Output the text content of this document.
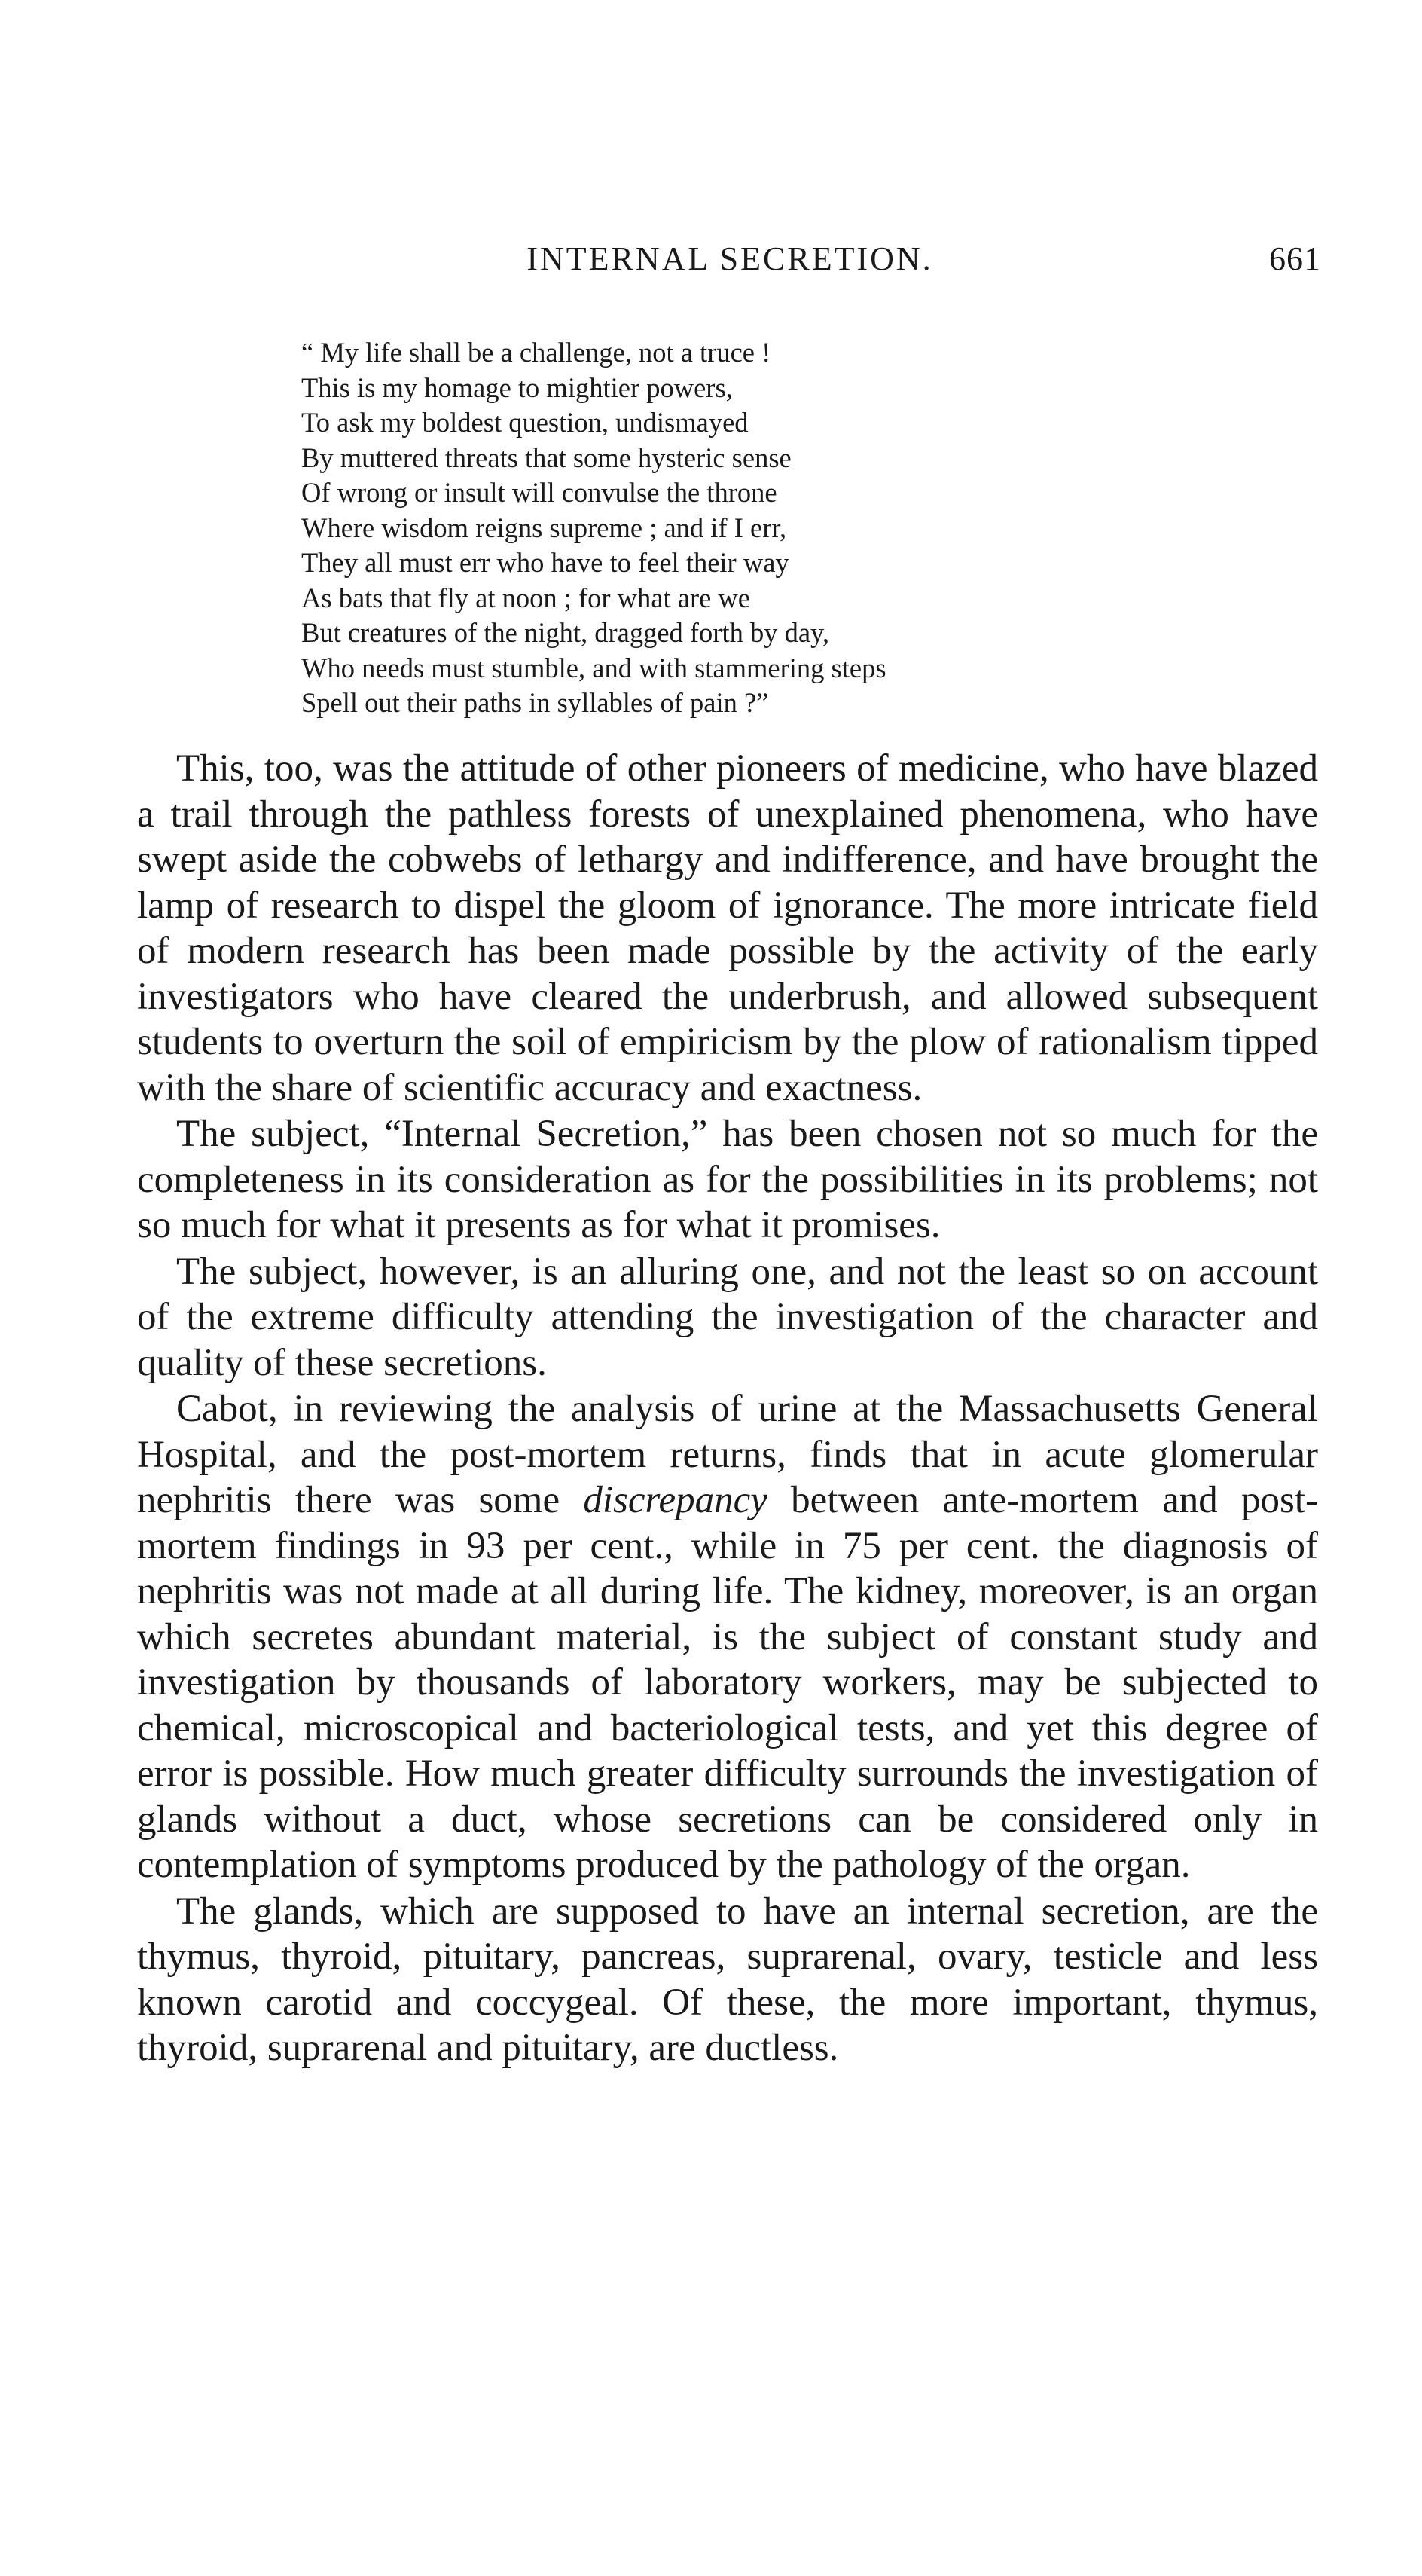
INTERNAL SECRETION.	661
“ My life shall be a challenge, not a truce !
This is my homage to mightier powers,
To ask my boldest question, undismayed
By muttered threats that some hysteric sense
Of wrong or insult will convulse the throne
Where wisdom reigns supreme ; and if I err,
They all must err who have to feel their way
As bats that fly at noon ; for what are we
But creatures of the night, dragged forth by day,
Who needs must stumble, and with stammering steps
Spell out their paths in syllables of pain ?”

This, too, was the attitude of other pioneers of medicine, who have blazed a trail through the pathless forests of unexplained phenomena, who have swept aside the cobwebs of lethargy and indifference, and have brought the lamp of research to dispel the gloom of ignorance. The more intricate field of modern research has been made possible by the activity of the early investigators who have cleared the underbrush, and allowed subsequent students to overturn the soil of empiricism by the plow of rationalism tipped with the share of scientific accuracy and exactness.

The subject, “Internal Secretion,” has been chosen not so much for the completeness in its consideration as for the possibilities in its problems; not so much for what it presents as for what it promises.

The subject, however, is an alluring one, and not the least so on account of the extreme difficulty attending the investigation of the character and quality of these secretions.

Cabot, in reviewing the analysis of urine at the Massachusetts General Hospital, and the post-mortem returns, finds that in acute glomerular nephritis there was some discrepancy between ante-mortem and post-mortem findings in 93 per cent., while in 75 per cent. the diagnosis of nephritis was not made at all during life. The kidney, moreover, is an organ which secretes abundant material, is the subject of constant study and investigation by thousands of laboratory workers, may be subjected to chemical, microscopical and bacteriological tests, and yet this degree of error is possible. How much greater difficulty surrounds the investigation of glands without a duct, whose secretions can be considered only in contemplation of symptoms produced by the pathology of the organ.

The glands, which are supposed to have an internal secretion, are the thymus, thyroid, pituitary, pancreas, suprarenal, ovary, testicle and less known carotid and coccygeal. Of these, the more important, thymus, thyroid, suprarenal and pituitary, are ductless.
